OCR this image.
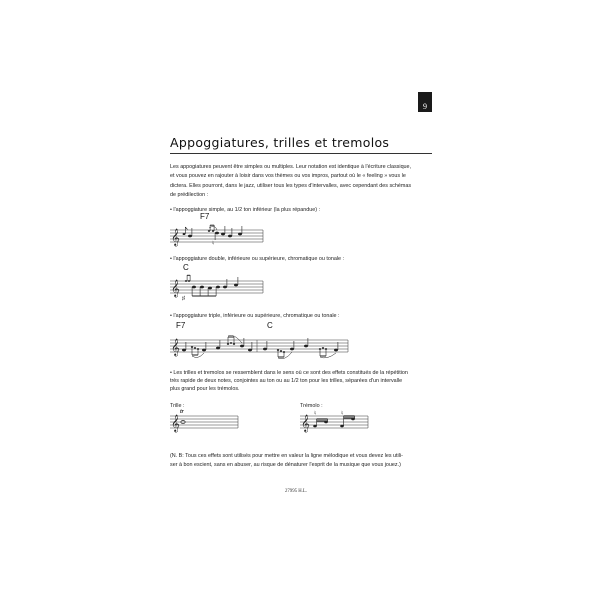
9
Appoggiatures, trilles et tremolos
Les appogiatures peuvent être simples ou multiples. Leur notation est identique à l'écriture classique,
et vous pouvez en rajouter à loisir dans vos thèmes ou vos impros, partout où le « feeling » vous le
dictera. Elles pourront, dans le jazz, utiliser tous les types d'intervalles, avec cependant des schémas
de prédilection :

• l'appoggiature simple, au 1/2 ton inférieur (la plus répandue) :

F7

𝄞	♮

• l'appoggiature double, inférieure ou supérieure, chromatique ou tonale :

C

𝄞
♯

• l'appoggiature triple, inférieure ou supérieure, chromatique ou tonale :

F7	C

𝄞
• Les trilles et tremolos se ressemblent dans le sens où ce sont des effets constitués de la répétition
très rapide de deux notes, conjointes au ton ou au 1/2 ton pour les trilles, séparées d'un intervalle
plus grand pour les trémolos.

Trille :

𝄞
tr

Trémolo :

𝄞 ♮	♮
(N. B: Tous ces effets sont utilisés pour mettre en valeur la ligne mélodique et vous devez les utili-
ser à bon escient, sans en abuser, au risque de dénaturer l'esprit de la musique que vous jouez.)

27995 H.L.
